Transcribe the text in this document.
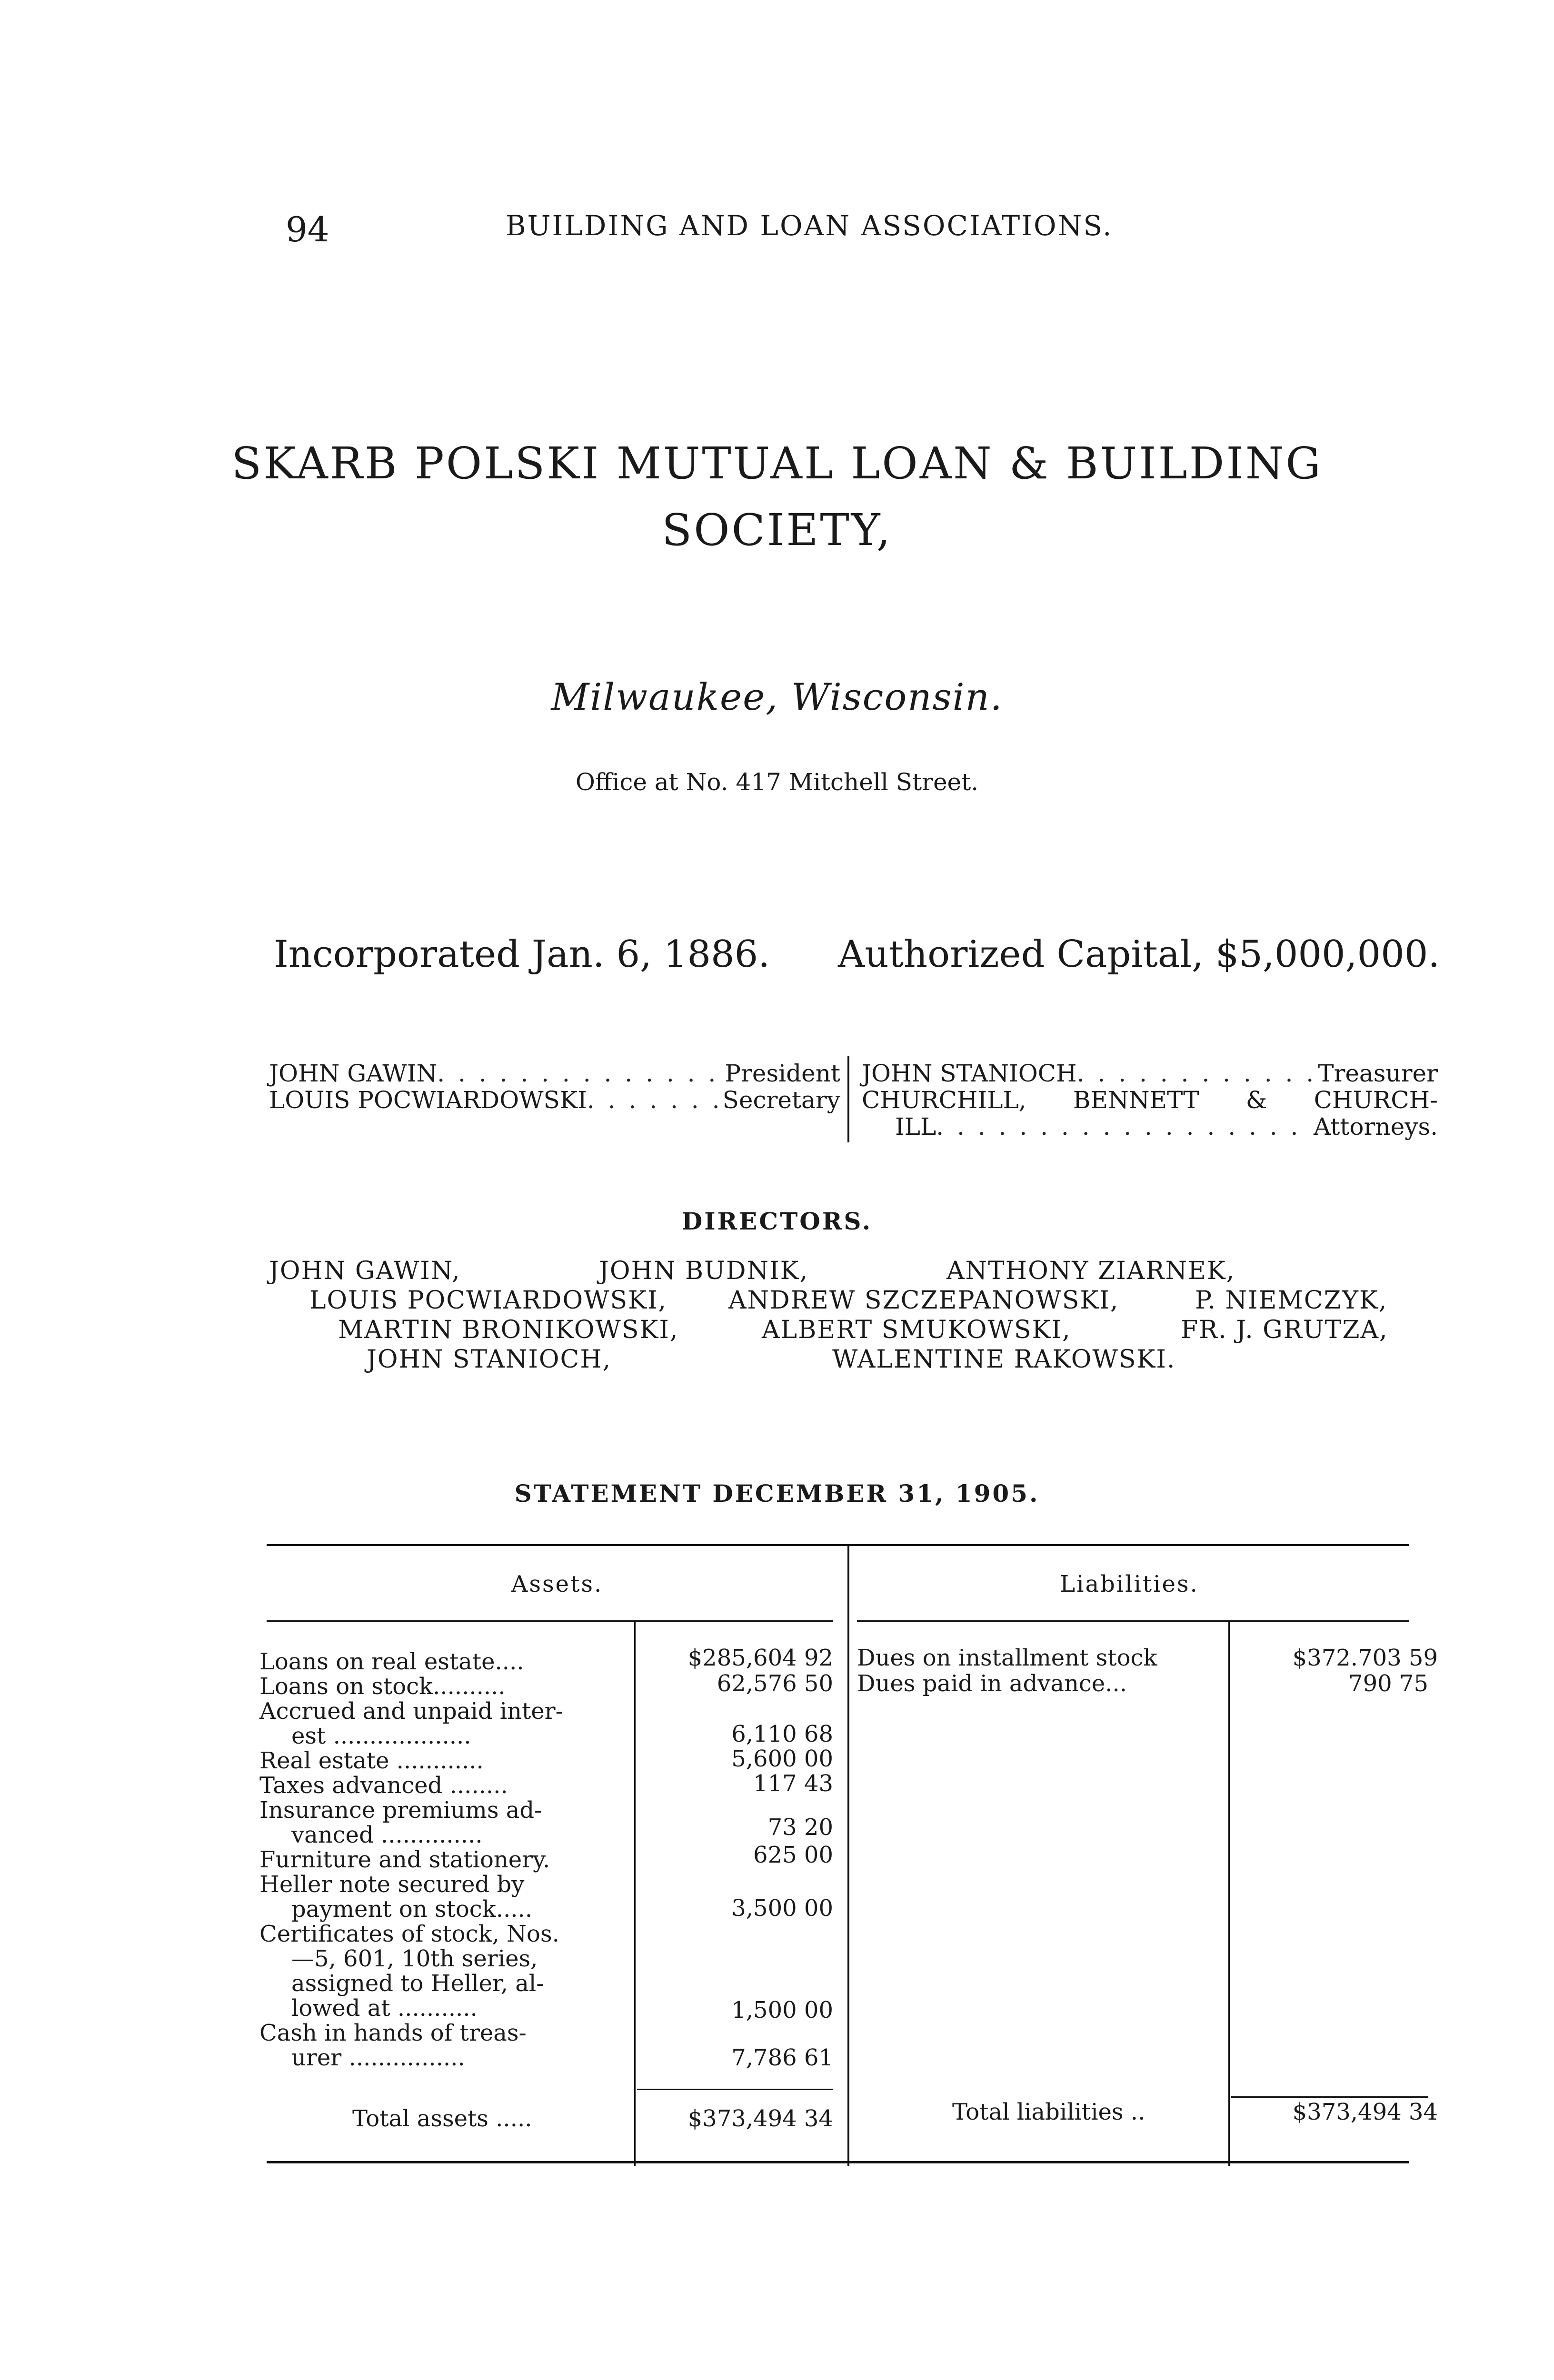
94	BUILDING AND LOAN ASSOCIATIONS.
SKARB POLSKI MUTUAL LOAN & BUILDING
SOCIETY,
Milwaukee, Wisconsin.
Office at No. 417 Mitchell Street.
Incorporated Jan. 6, 1886. Authorized Capital, $5,000,000.
JOHN GAWIN . . .	President
LOUIS POCWIARDOWSKI . . .	Secretary
JOHN STANIOCH . . .	Treasurer
CHURCHILL, BENNETT & CHURCH-
ILL . . .	Attorneys.
DIRECTORS.
JOHN GAWIN,	JOHN BUDNIK,	ANTHONY ZIARNEK,
LOUIS POCWIARDOWSKI, ANDREW SZCZEPANOWSKI,	P. NIEMCZYK,
MARTIN BRONIKOWSKI,	ALBERT SMUKOWSKI,	FR. J. GRUTZA,
JOHN STANIOCH,	WALENTINE RAKOWSKI.
STATEMENT DECEMBER 31, 1905.
Assets.	Liabilities.
Loans on real estate....	$285,604 92
Loans on stock..........	62,576 50
Accrued and unpaid inter-
est ...................	6,110 68
Real estate ............	5,600 00
Taxes advanced ........	117 43
Insurance premiums ad-
vanced ..............	73 20
Furniture and stationery.	625 00
Heller note secured by
payment on stock.....	3,500 00
Certificates of stock, Nos.
—5, 601, 10th series,
assigned to Heller, al-
lowed at ...........	1,500 00
Cash in hands of treas-
urer ................	7,786 61
Dues on installment stock	$372.703 59
Dues paid in advance...	790 75
Total assets .....	$373,494 34	Total liabilities ..	$373,494 34
